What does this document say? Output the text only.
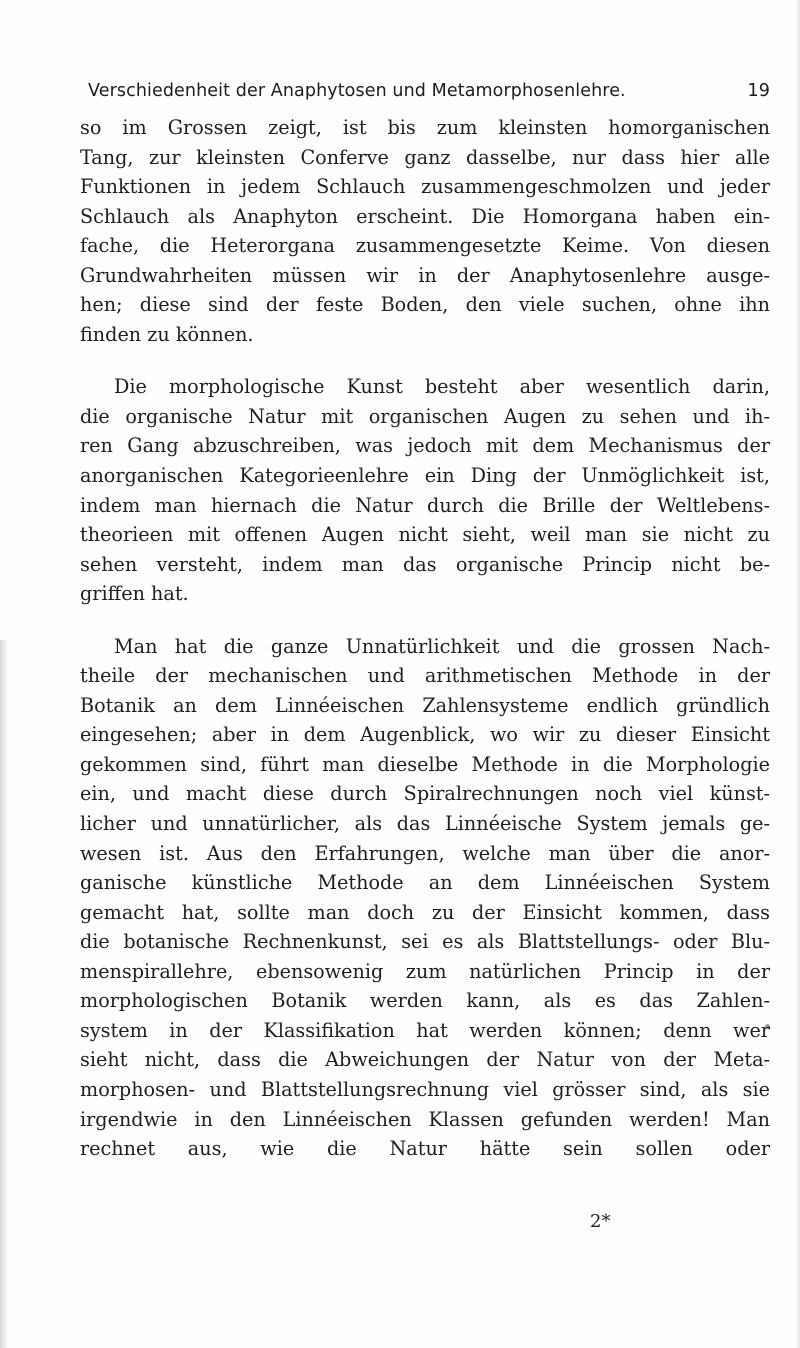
Verschiedenheit der Anaphytosen und Metamorphosenlehre.	19

so im Grossen zeigt, ist bis zum kleinsten homorganischen
Tang, zur kleinsten Conferve ganz dasselbe, nur dass hier alle
Funktionen in jedem Schlauch zusammengeschmolzen und jeder
Schlauch als Anaphyton erscheint. Die Homorgana haben ein-
fache, die Heterorgana zusammengesetzte Keime. Von diesen
Grundwahrheiten müssen wir in der Anaphytosenlehre ausge-
hen; diese sind der feste Boden, den viele suchen, ohne ihn
finden zu können.

Die morphologische Kunst besteht aber wesentlich darin,
die organische Natur mit organischen Augen zu sehen und ih-
ren Gang abzuschreiben, was jedoch mit dem Mechanismus der
anorganischen Kategorieenlehre ein Ding der Unmöglichkeit ist,
indem man hiernach die Natur durch die Brille der Weltlebens-
theorieen mit offenen Augen nicht sieht, weil man sie nicht zu
sehen versteht, indem man das organische Princip nicht be-
griffen hat.

Man hat die ganze Unnatürlichkeit und die grossen Nach-
theile der mechanischen und arithmetischen Methode in der
Botanik an dem Linnéeischen Zahlensysteme endlich gründlich
eingesehen; aber in dem Augenblick, wo wir zu dieser Einsicht
gekommen sind, führt man dieselbe Methode in die Morphologie
ein, und macht diese durch Spiralrechnungen noch viel künst-
licher und unnatürlicher, als das Linnéeische System jemals ge-
wesen ist. Aus den Erfahrungen, welche man über die anor-
ganische künstliche Methode an dem Linnéeischen System
gemacht hat, sollte man doch zu der Einsicht kommen, dass
die botanische Rechnenkunst, sei es als Blattstellungs- oder Blu-
menspirallehre, ebensowenig zum natürlichen Princip in der
morphologischen Botanik werden kann, als es das Zahlen-
system in der Klassifikation hat werden können; denn wer
sieht nicht, dass die Abweichungen der Natur von der Meta-
morphosen- und Blattstellungsrechnung viel grösser sind, als sie
irgendwie in den Linnéeischen Klassen gefunden werden! Man
rechnet aus, wie die Natur hätte sein sollen oder

2*
